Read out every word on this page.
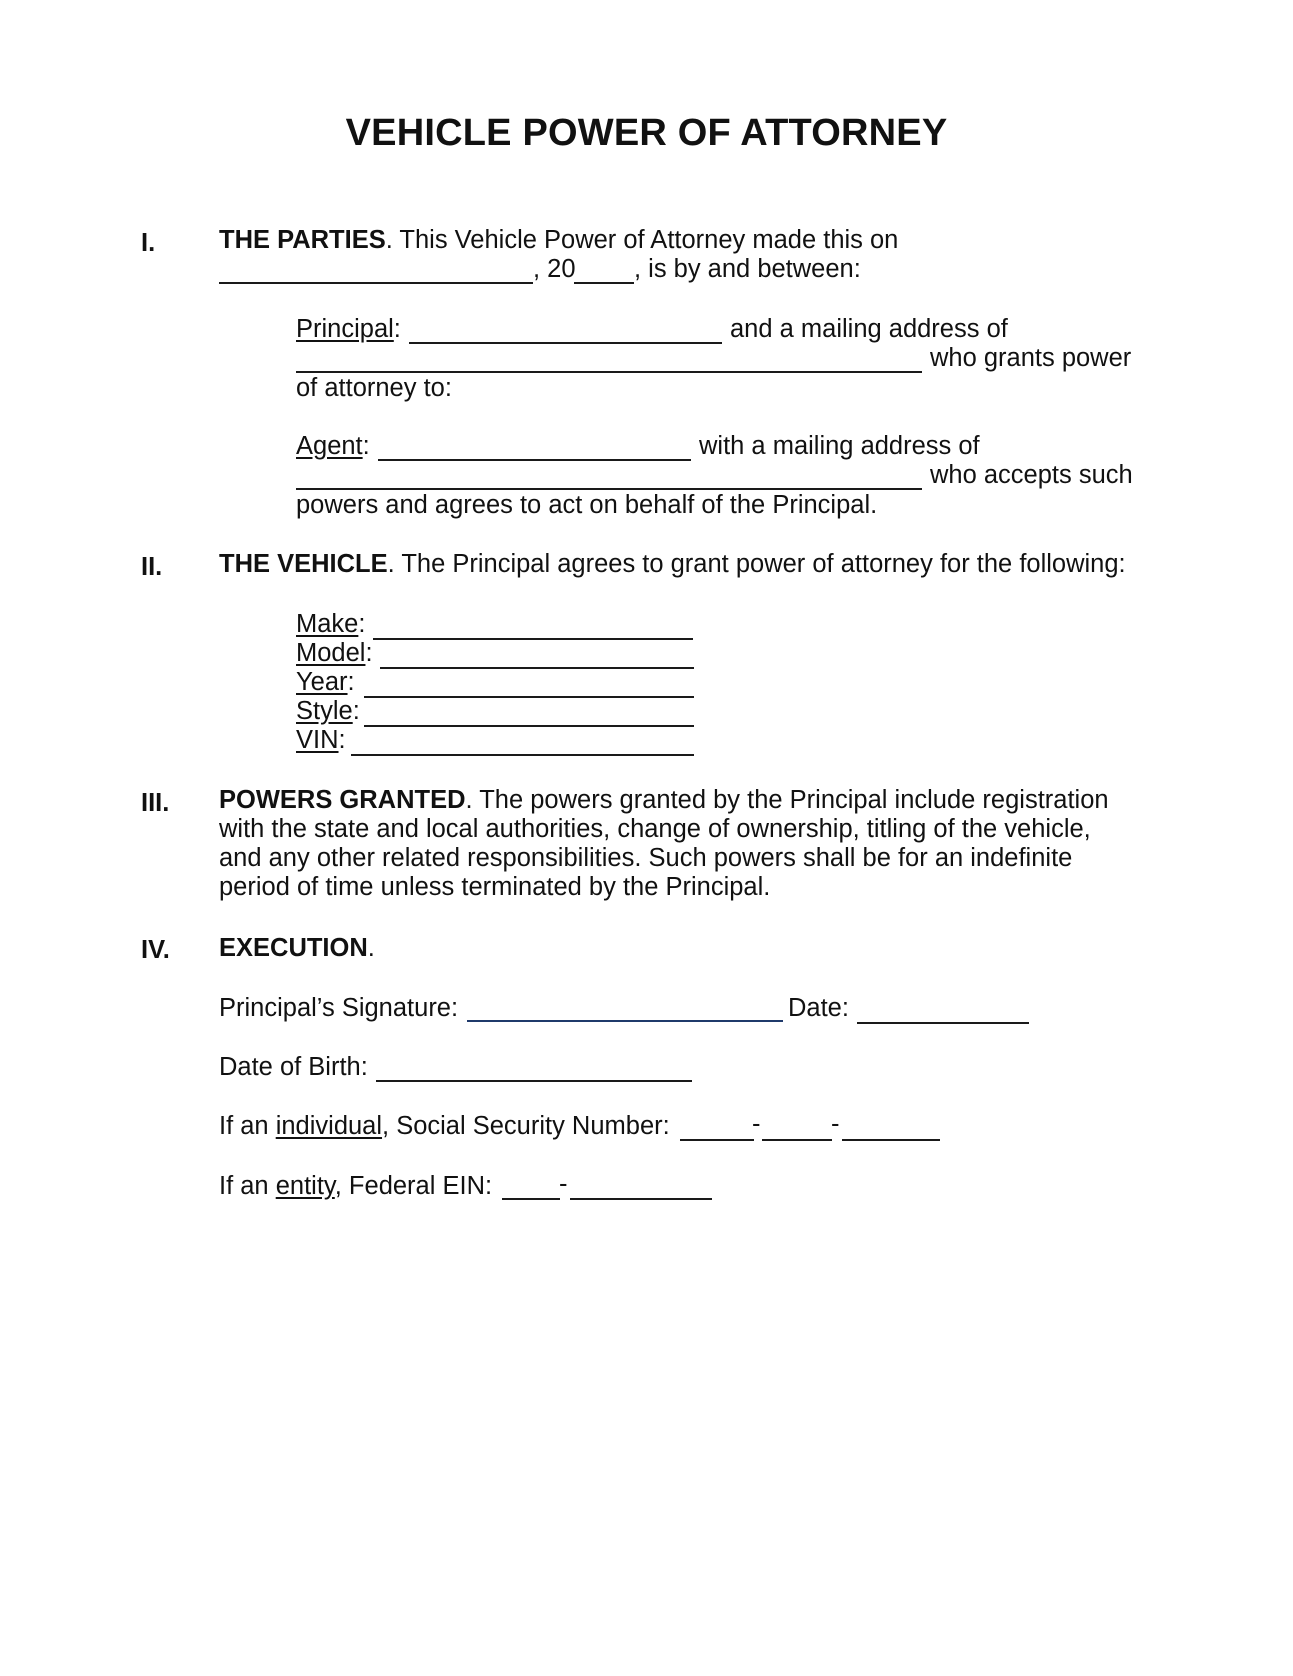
VEHICLE POWER OF ATTORNEY
I.	THE PARTIES. This Vehicle Power of Attorney made this on
, 20 , is by and between:
Principal:	and a mailing address of
who grants power
of attorney to:
Agent:	with a mailing address of
who accepts such
powers and agrees to act on behalf of the Principal.
II. THE VEHICLE. The Principal agrees to grant power of attorney for the following:
Make:
Model:
Year:
Style:
VIN:
III. POWERS GRANTED. The powers granted by the Principal include registration with the state and local authorities, change of ownership, titling of the vehicle, and any other related responsibilities. Such powers shall be for an indefinite period of time unless terminated by the Principal.
IV. EXECUTION.
Principal’s Signature:	Date:
Date of Birth:
If an individual, Social Security Number:	-	-
If an entity, Federal EIN:	-
